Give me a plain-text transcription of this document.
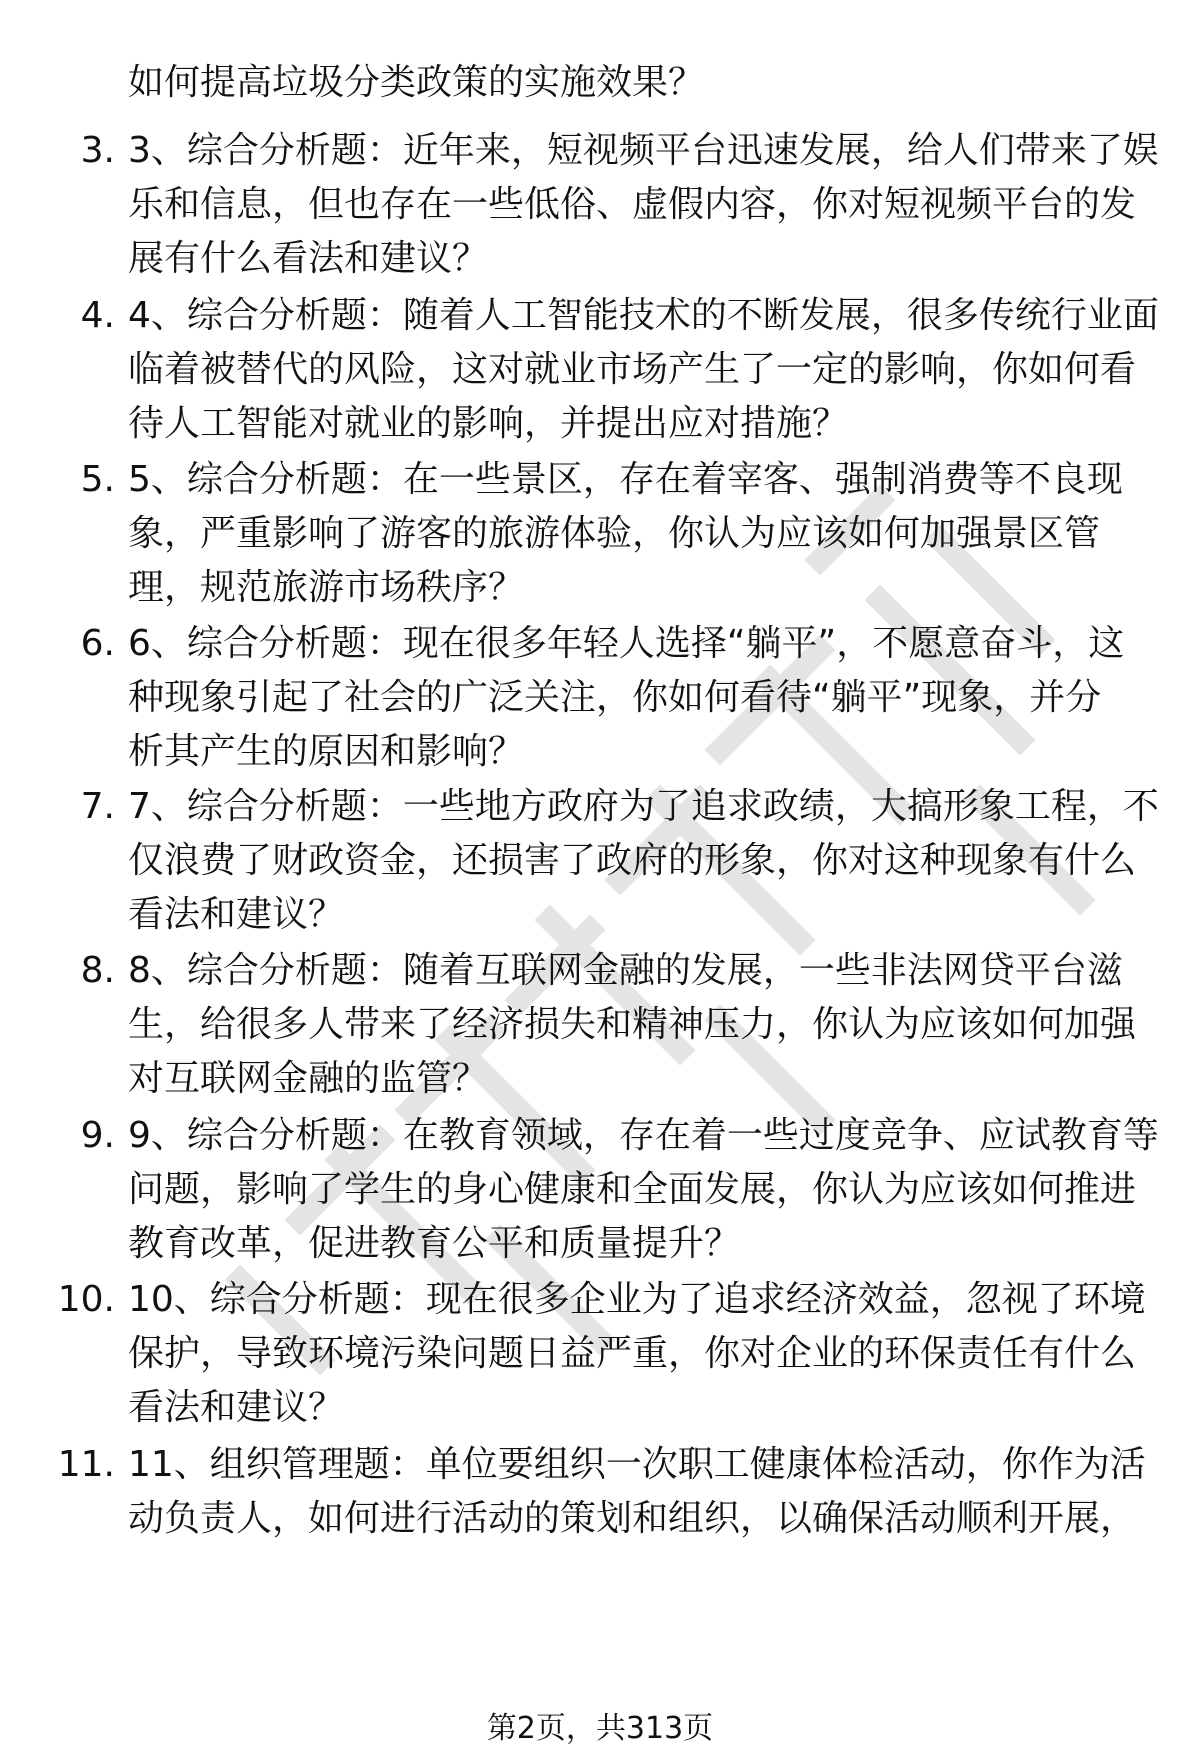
如何提高垃圾分类政策的实施效果？
3. 3、综合分析题：近年来，短视频平台迅速发展，给人们带来了娱
乐和信息，但也存在一些低俗、虚假内容，你对短视频平台的发
展有什么看法和建议？
4. 4、综合分析题：随着人工智能技术的不断发展，很多传统行业面
临着被替代的风险，这对就业市场产生了一定的影响，你如何看
待人工智能对就业的影响，并提出应对措施？
5. 5、综合分析题：在一些景区，存在着宰客、强制消费等不良现
象，严重影响了游客的旅游体验，你认为应该如何加强景区管
理，规范旅游市场秩序？
6. 6、综合分析题：现在很多年轻人选择“躺平”，不愿意奋斗，这
种现象引起了社会的广泛关注，你如何看待“躺平”现象，并分
析其产生的原因和影响？
7. 7、综合分析题：一些地方政府为了追求政绩，大搞形象工程，不
仅浪费了财政资金，还损害了政府的形象，你对这种现象有什么
看法和建议？
8. 8、综合分析题：随着互联网金融的发展，一些非法网贷平台滋
生，给很多人带来了经济损失和精神压力，你认为应该如何加强
对互联网金融的监管？
9. 9、综合分析题：在教育领域，存在着一些过度竞争、应试教育等
问题，影响了学生的身心健康和全面发展，你认为应该如何推进
教育改革，促进教育公平和质量提升？
10. 10、综合分析题：现在很多企业为了追求经济效益，忽视了环境
保护，导致环境污染问题日益严重，你对企业的环保责任有什么
看法和建议？
11. 11、组织管理题：单位要组织一次职工健康体检活动，你作为活
动负责人，如何进行活动的策划和组织，以确保活动顺利开展，
第2页，共313页
